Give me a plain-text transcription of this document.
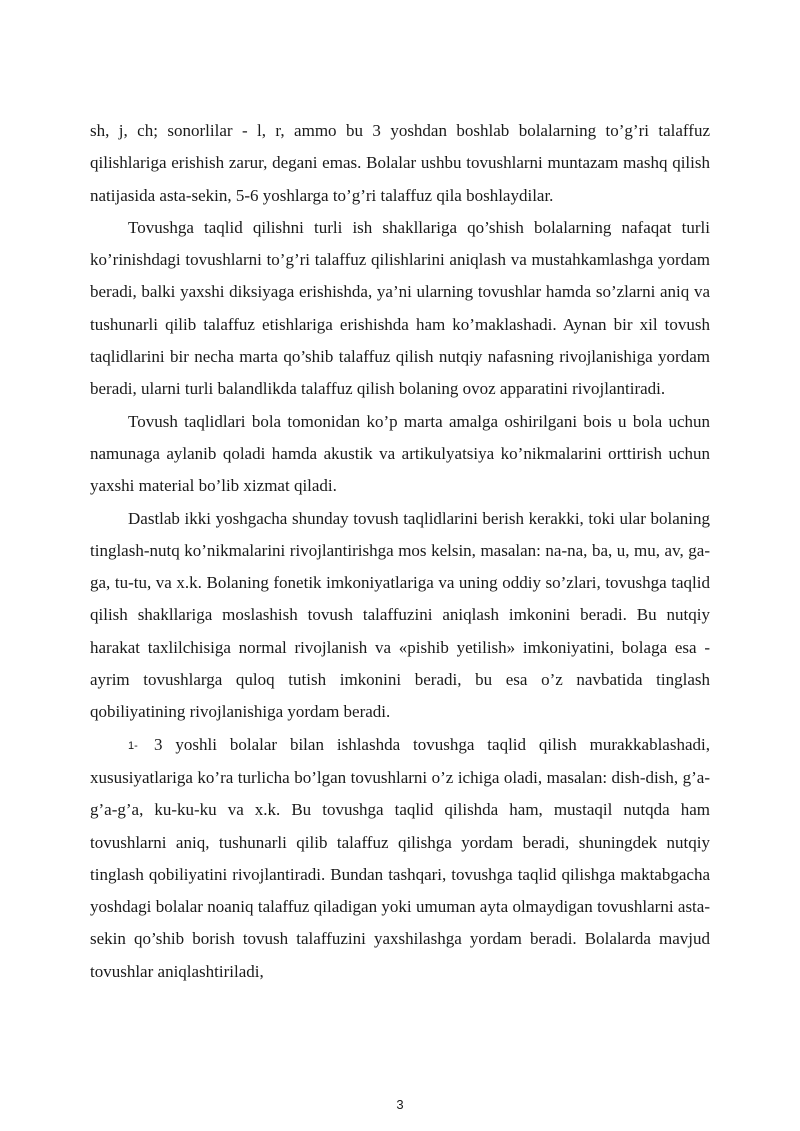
sh, j, ch; sonorlilar - l, r, ammo bu 3 yoshdan boshlab bolalarning to’g’ri talaffuz qilishlariga erishish zarur, degani emas. Bolalar ushbu tovushlarni muntazam mashq qilish natijasida asta-sekin, 5-6 yoshlarga to’g’ri talaffuz qila boshlaydilar.

Tovushga taqlid qilishni turli ish shakllariga qo’shish bolalarning nafaqat turli ko’rinishdagi tovushlarni to’g’ri talaffuz qilishlarini aniqlash va mustahkamlashga yordam beradi, balki yaxshi diksiyaga erishishda, ya’ni ularning tovushlar hamda so’zlarni aniq va tushunarli qilib talaffuz etishlariga erishishda ham ko’maklashadi. Aynan bir xil tovush taqlidlarini bir necha marta qo’shib talaffuz qilish nutqiy nafasning rivojlanishiga yordam beradi, ularni turli balandlikda talaffuz qilish bolaning ovoz apparatini rivojlantiradi.

Tovush taqlidlari bola tomonidan ko’p marta amalga oshirilgani bois u bola uchun namunaga aylanib qoladi hamda akustik va artikulyatsiya ko’nikmalarini orttirish uchun yaxshi material bo’lib xizmat qiladi.

Dastlab ikki yoshgacha shunday tovush taqlidlarini berish kerakki, toki ular bolaning tinglash-nutq ko’nikmalarini rivojlantirishga mos kelsin, masalan: na-na, ba, u, mu, av, ga-ga, tu-tu, va x.k. Bolaning fonetik imkoniyatlariga va uning oddiy so’zlari, tovushga taqlid qilish shakllariga moslashish tovush talaffuzini aniqlash imkonini beradi. Bu nutqiy harakat taxlilchisiga normal rivojlanish va «pishib yetilish» imkoniyatini, bolaga esa - ayrim tovushlarga quloq tutish imkonini beradi, bu esa o’z navbatida tinglash qobiliyatining rivojlanishiga yordam beradi.

1- 3 yoshli bolalar bilan ishlashda tovushga taqlid qilish murakkablashadi, xususiyatlariga ko’ra turlicha bo’lgan tovushlarni o’z ichiga oladi, masalan: dish-dish, g’a-g’a-g’a, ku-ku-ku va x.k. Bu tovushga taqlid qilishda ham, mustaqil nutqda ham tovushlarni aniq, tushunarli qilib talaffuz qilishga yordam beradi, shuningdek nutqiy tinglash qobiliyatini rivojlantiradi. Bundan tashqari, tovushga taqlid qilishga maktabgacha yoshdagi bolalar noaniq talaffuz qiladigan yoki umuman ayta olmaydigan tovushlarni asta-sekin qo’shib borish tovush talaffuzini yaxshilashga yordam beradi. Bolalarda mavjud tovushlar aniqlashtiriladi,

3
